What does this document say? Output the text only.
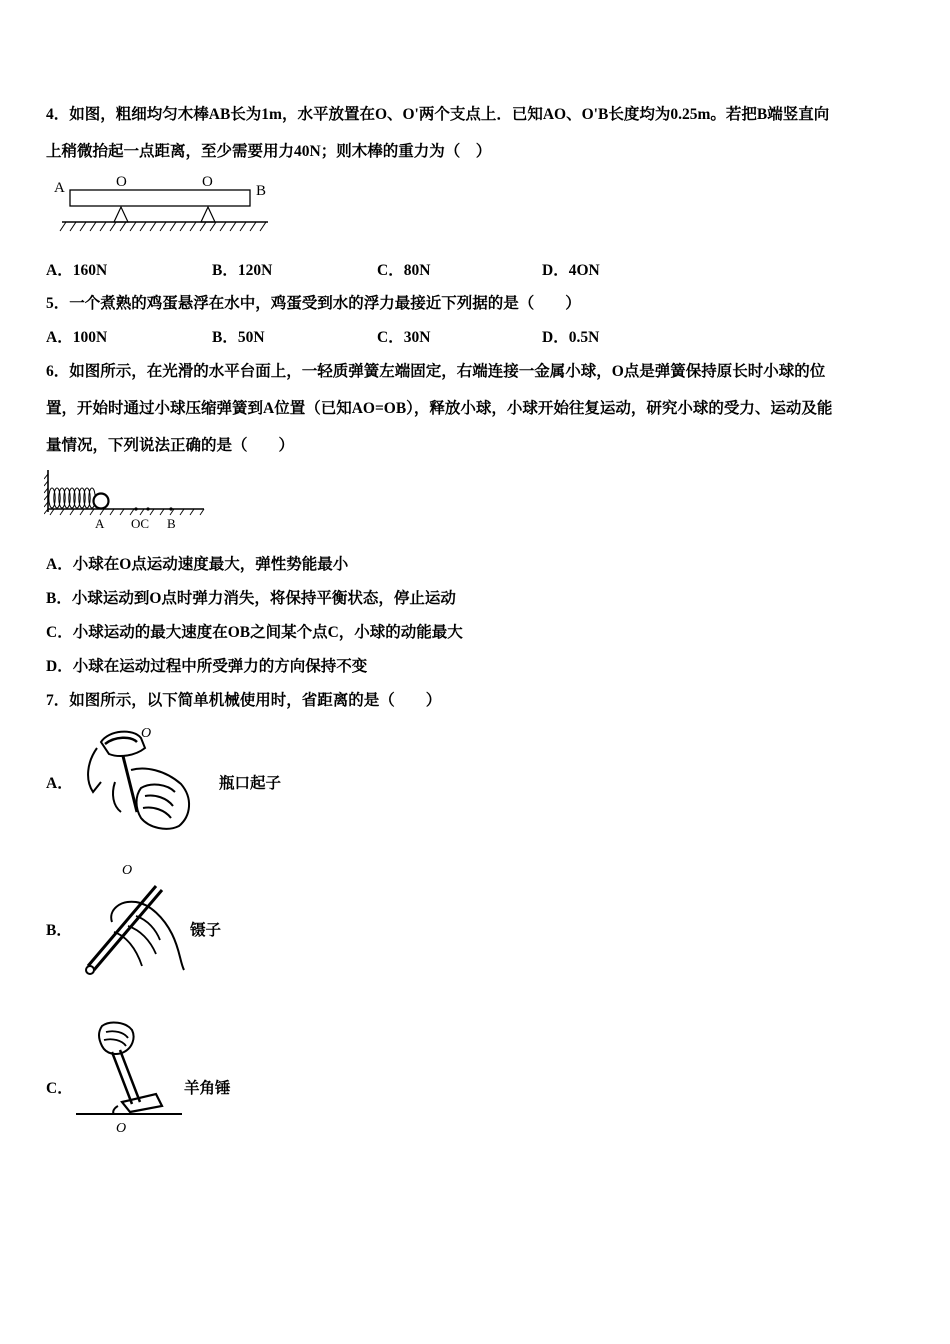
4．如图，粗细均匀木棒AB长为1m，水平放置在O、O'两个支点上．已知AO、O'B长度均为0.25m。若把B端竖直向
上稍微抬起一点距离，至少需要用力40N；则木棒的重力为（　）
A	O	O
B
A．160N	B．120N	C．80N	D．4ON
5．一个煮熟的鸡蛋悬浮在水中，鸡蛋受到水的浮力最接近下列据的是（　　）
A．100N	B．50N	C．30N	D．0.5N
6．如图所示，在光滑的水平台面上，一轻质弹簧左端固定，右端连接一金属小球，O点是弹簧保持原长时小球的位
置，开始时通过小球压缩弹簧到A位置（已知AO=OB），释放小球，小球开始往复运动，研究小球的受力、运动及能
量情况，下列说法正确的是（　　）
A OC B
A．小球在O点运动速度最大，弹性势能最小
B．小球运动到O点时弹力消失，将保持平衡状态，停止运动
C．小球运动的最大速度在OB之间某个点C，小球的动能最大
D．小球在运动过程中所受弹力的方向保持不变
7．如图所示，以下简单机械使用时，省距离的是（　　）
A．
O
瓶口起子
B．
O
镊子
C．
O
羊角锤
